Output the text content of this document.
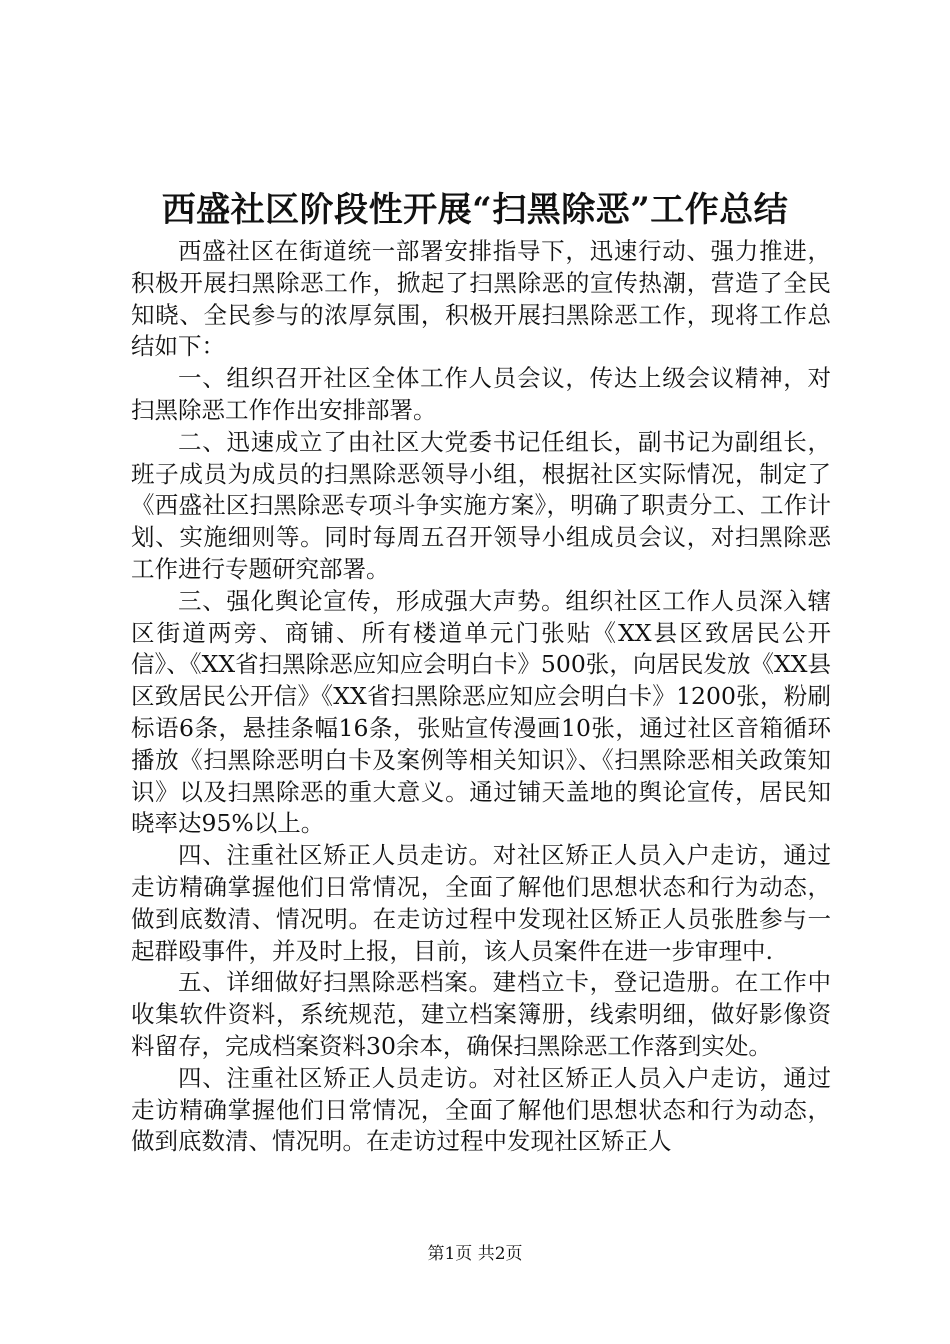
西盛社区阶段性开展“扫黑除恶”工作总结

西盛社区在街道统一部署安排指导下，迅速行动、强力推进，积极开展扫黑除恶工作，掀起了扫黑除恶的宣传热潮，营造了全民知晓、全民参与的浓厚氛围，积极开展扫黑除恶工作，现将工作总结如下：

一、组织召开社区全体工作人员会议，传达上级会议精神，对扫黑除恶工作作出安排部署。

二、迅速成立了由社区大党委书记任组长，副书记为副组长，班子成员为成员的扫黑除恶领导小组，根据社区实际情况，制定了《西盛社区扫黑除恶专项斗争实施方案》，明确了职责分工、工作计划、实施细则等。同时每周五召开领导小组成员会议，对扫黑除恶工作进行专题研究部署。

三、强化舆论宣传，形成强大声势。组织社区工作人员深入辖区街道两旁、商铺、所有楼道单元门张贴《XX县区致居民公开信》、《XX省扫黑除恶应知应会明白卡》500张，向居民发放《XX县区致居民公开信》《XX省扫黑除恶应知应会明白卡》1200张，粉刷标语6条，悬挂条幅16条，张贴宣传漫画10张，通过社区音箱循环播放《扫黑除恶明白卡及案例等相关知识》、《扫黑除恶相关政策知识》以及扫黑除恶的重大意义。通过铺天盖地的舆论宣传，居民知晓率达95%以上。

四、注重社区矫正人员走访。对社区矫正人员入户走访，通过走访精确掌握他们日常情况，全面了解他们思想状态和行为动态，做到底数清、情况明。在走访过程中发现社区矫正人员张胜参与一起群殴事件，并及时上报，目前，该人员案件在进一步审理中.

五、详细做好扫黑除恶档案。建档立卡，登记造册。在工作中收集软件资料，系统规范，建立档案簿册，线索明细，做好影像资料留存，完成档案资料30余本，确保扫黑除恶工作落到实处。

四、注重社区矫正人员走访。对社区矫正人员入户走访，通过走访精确掌握他们日常情况，全面了解他们思想状态和行为动态，做到底数清、情况明。在走访过程中发现社区矫正人

第1页 共2页
